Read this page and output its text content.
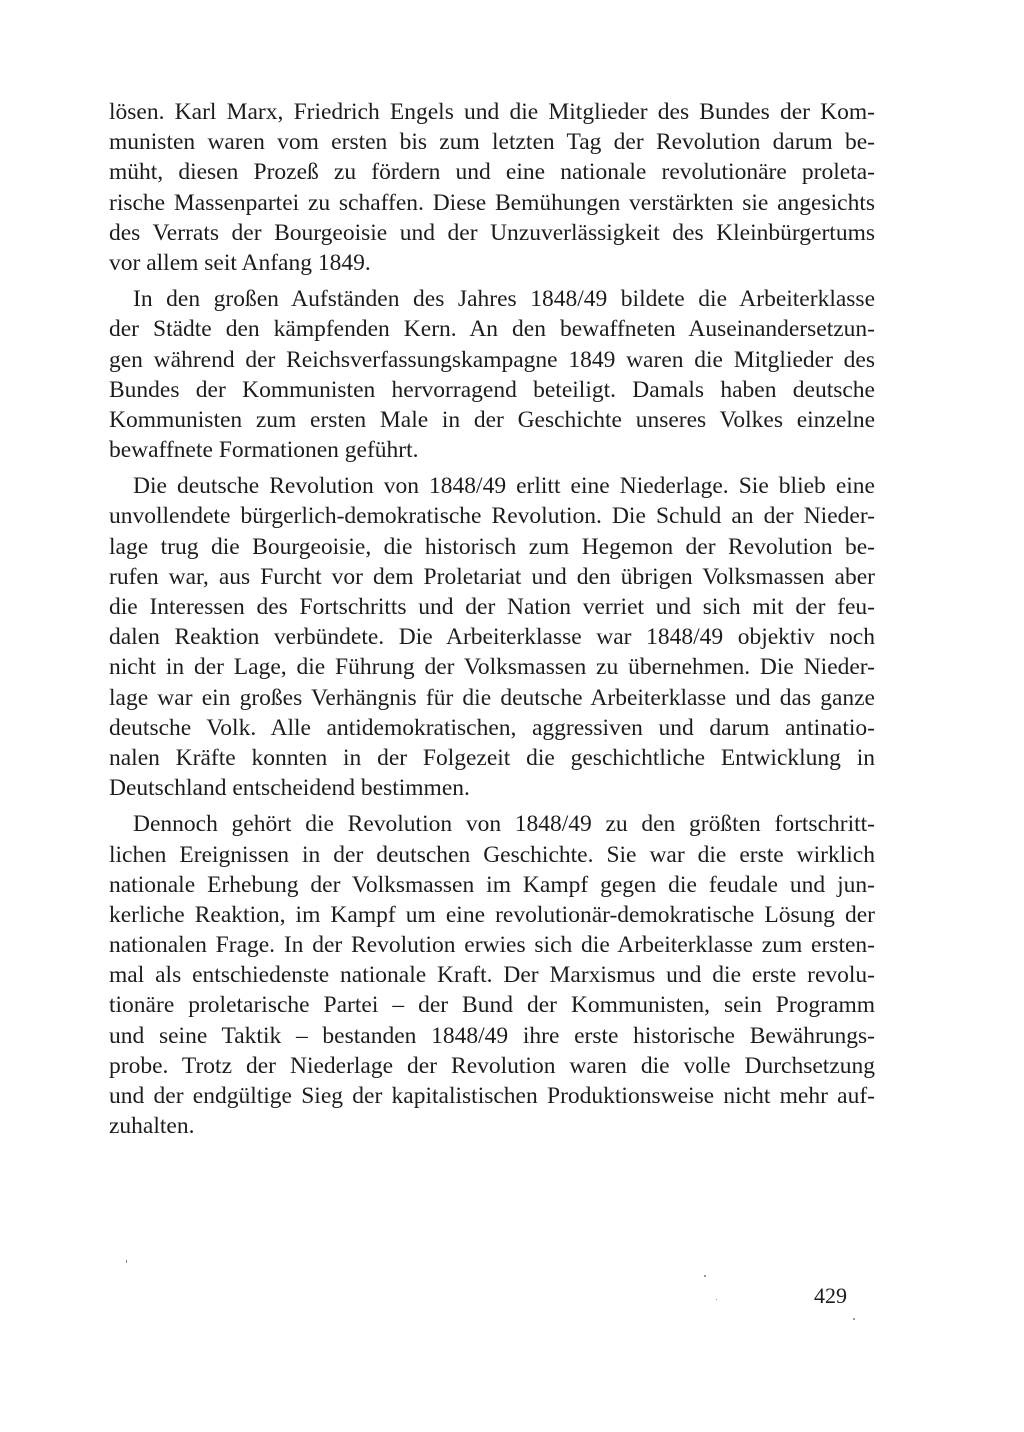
lösen. Karl Marx, Friedrich Engels und die Mitglieder des Bundes der Kom-
munisten waren vom ersten bis zum letzten Tag der Revolution darum be-
müht, diesen Prozeß zu fördern und eine nationale revolutionäre proleta-
rische Massenpartei zu schaffen. Diese Bemühungen verstärkten sie angesichts
des Verrats der Bourgeoisie und der Unzuverlässigkeit des Kleinbürgertums
vor allem seit Anfang 1849.
In den großen Aufständen des Jahres 1848/49 bildete die Arbeiterklasse
der Städte den kämpfenden Kern. An den bewaffneten Auseinandersetzun-
gen während der Reichsverfassungskampagne 1849 waren die Mitglieder des
Bundes der Kommunisten hervorragend beteiligt. Damals haben deutsche
Kommunisten zum ersten Male in der Geschichte unseres Volkes einzelne
bewaffnete Formationen geführt.
Die deutsche Revolution von 1848/49 erlitt eine Niederlage. Sie blieb eine
unvollendete bürgerlich-demokratische Revolution. Die Schuld an der Nieder-
lage trug die Bourgeoisie, die historisch zum Hegemon der Revolution be-
rufen war, aus Furcht vor dem Proletariat und den übrigen Volksmassen aber
die Interessen des Fortschritts und der Nation verriet und sich mit der feu-
dalen Reaktion verbündete. Die Arbeiterklasse war 1848/49 objektiv noch
nicht in der Lage, die Führung der Volksmassen zu übernehmen. Die Nieder-
lage war ein großes Verhängnis für die deutsche Arbeiterklasse und das ganze
deutsche Volk. Alle antidemokratischen, aggressiven und darum antinatio-
nalen Kräfte konnten in der Folgezeit die geschichtliche Entwicklung in
Deutschland entscheidend bestimmen.
Dennoch gehört die Revolution von 1848/49 zu den größten fortschritt-
lichen Ereignissen in der deutschen Geschichte. Sie war die erste wirklich
nationale Erhebung der Volksmassen im Kampf gegen die feudale und jun-
kerliche Reaktion, im Kampf um eine revolutionär-demokratische Lösung der
nationalen Frage. In der Revolution erwies sich die Arbeiterklasse zum ersten-
mal als entschiedenste nationale Kraft. Der Marxismus und die erste revolu-
tionäre proletarische Partei – der Bund der Kommunisten, sein Programm
und seine Taktik – bestanden 1848/49 ihre erste historische Bewährungs-
probe. Trotz der Niederlage der Revolution waren die volle Durchsetzung
und der endgültige Sieg der kapitalistischen Produktionsweise nicht mehr auf-
zuhalten.
429
